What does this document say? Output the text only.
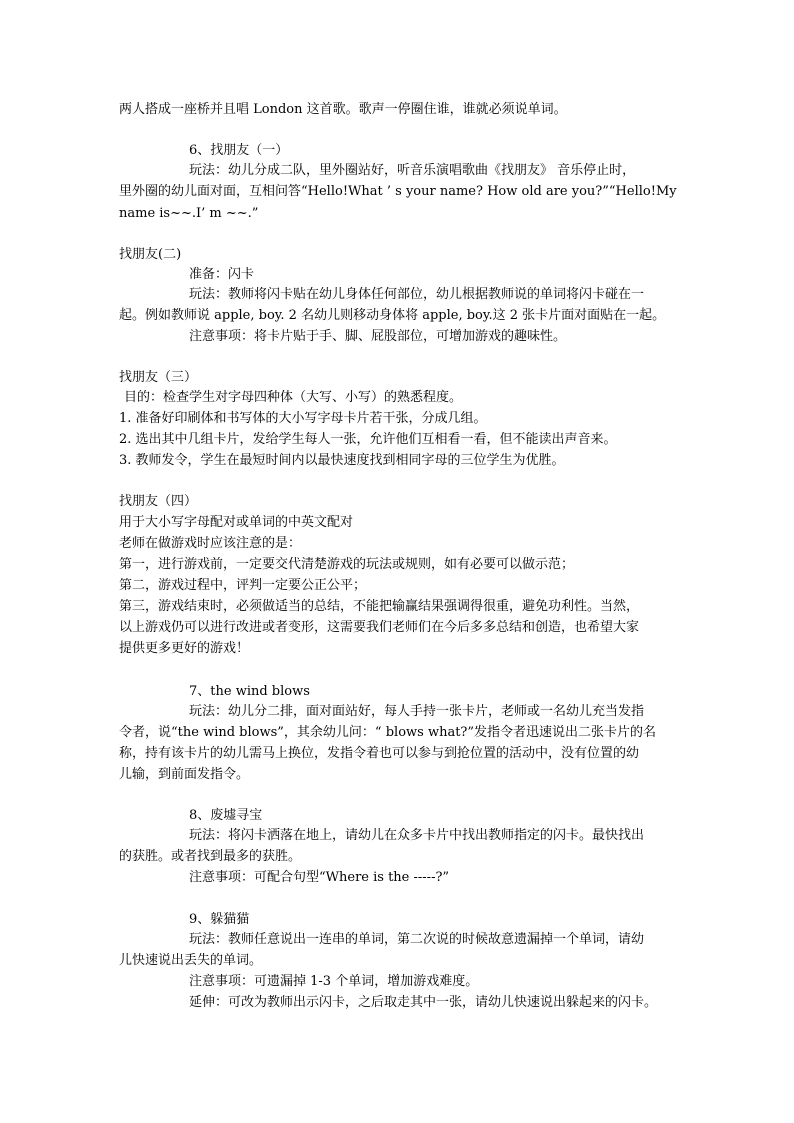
两人搭成一座桥并且唱 London 这首歌。歌声一停圈住谁，谁就必须说单词。
6、找朋友（一）
玩法：幼儿分成二队，里外圈站好，听音乐演唱歌曲《找朋友》 音乐停止时，
里外圈的幼儿面对面，互相问答“Hello!What ’ s your name? How old are you?”“Hello!My
name is~~.I’ m ~~.”
找朋友(二)
准备：闪卡
玩法：教师将闪卡贴在幼儿身体任何部位，幼儿根据教师说的单词将闪卡碰在一
起。例如教师说 apple, boy. 2 名幼儿则移动身体将 apple, boy.这 2 张卡片面对面贴在一起。
注意事项：将卡片贴于手、脚、屁股部位，可增加游戏的趣味性。
找朋友（三）
目的：检查学生对字母四种体（大写、小写）的熟悉程度。
1. 准备好印刷体和书写体的大小写字母卡片若干张，分成几组。
2. 选出其中几组卡片，发给学生每人一张，允许他们互相看一看，但不能读出声音来。
3. 教师发令，学生在最短时间内以最快速度找到相同字母的三位学生为优胜。
找朋友（四）
用于大小写字母配对或单词的中英文配对
老师在做游戏时应该注意的是：
第一，进行游戏前，一定要交代清楚游戏的玩法或规则，如有必要可以做示范；
第二，游戏过程中，评判一定要公正公平；
第三，游戏结束时，必须做适当的总结，不能把输赢结果强调得很重，避免功利性。当然，
以上游戏仍可以进行改进或者变形，这需要我们老师们在今后多多总结和创造，也希望大家
提供更多更好的游戏！
7、the wind blows
玩法：幼儿分二排，面对面站好，每人手持一张卡片，老师或一名幼儿充当发指
令者，说“the wind blows”，其余幼儿问：“ blows what?”发指令者迅速说出二张卡片的名
称，持有该卡片的幼儿需马上换位，发指令着也可以参与到抢位置的活动中，没有位置的幼
儿输，到前面发指令。
8、废墟寻宝
玩法：将闪卡洒落在地上，请幼儿在众多卡片中找出教师指定的闪卡。最快找出
的获胜。或者找到最多的获胜。
注意事项：可配合句型“Where is the -----?”
9、躲猫猫
玩法：教师任意说出一连串的单词，第二次说的时候故意遗漏掉一个单词，请幼
儿快速说出丢失的单词。
注意事项：可遗漏掉 1-3 个单词，增加游戏难度。
延伸：可改为教师出示闪卡，之后取走其中一张，请幼儿快速说出躲起来的闪卡。
